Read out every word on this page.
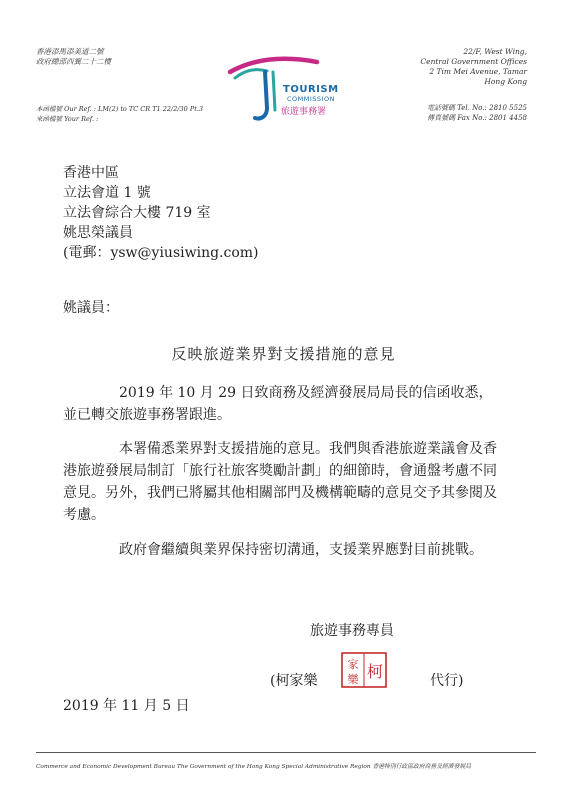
香港添馬添美道二號
政府總部西翼二十二樓
本函檔號 Our Ref. : LM(2) to TC CR T1 22/2/30 Pt.3
來函檔號 Your Ref. :
TOURISM
COMMISSION
旅遊事務署
22/F, West Wing,
Central Government Offices
2 Tim Mei Avenue, Tamar
Hong Kong
電話號碼 Tel. No.: 2810 5525
傳真號碼 Fax No.: 2801 4458
香港中區
立法會道 1 號
立法會綜合大樓 719 室
姚思榮議員
(電郵：ysw@yiusiwing.com)
姚議員：
反映旅遊業界對支援措施的意見
2019 年 10 月 29 日致商務及經濟發展局局長的信函收悉，並已轉交旅遊事務署跟進。
本署備悉業界對支援措施的意見。我們與香港旅遊業議會及香港旅遊發展局制訂「旅行社旅客獎勵計劃」的細節時，會通盤考慮不同意見。另外，我們已將屬其他相關部門及機構範疇的意見交予其參閱及考慮。
政府會繼續與業界保持密切溝通，支援業界應對目前挑戰。
旅遊事務專員
(柯家樂
家 柯
樂	代行)
2019 年 11 月 5 日
Commerce and Economic Development Bureau The Government of the Hong Kong Special Administrative Region 香港特別行政區政府商務及經濟發展局
